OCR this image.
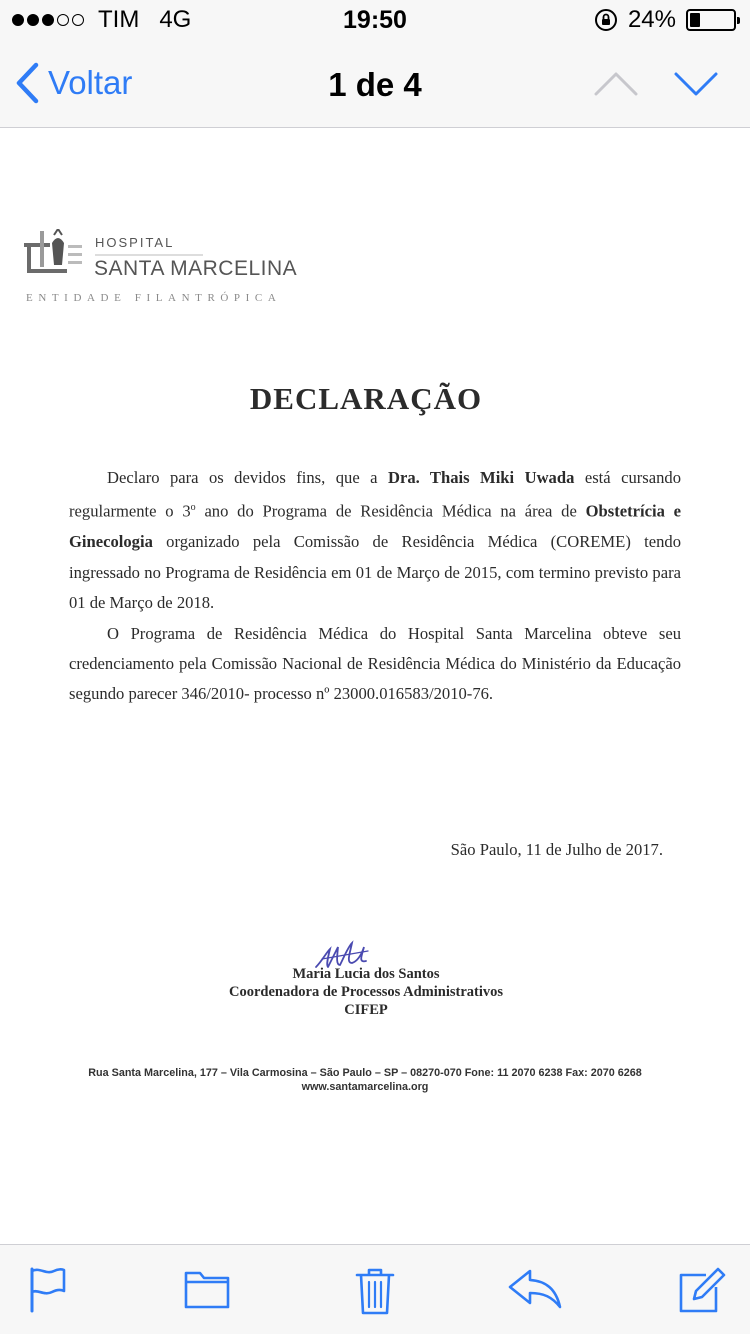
TIM 4G	19:50	24%
Voltar	1 de 4
HOSPITAL
SANTA MARCELINA
ENTIDADE FILANTRÓPICA
DECLARAÇÃO

Declaro para os devidos fins, que a Dra. Thais Miki Uwada está cursando regularmente o 3$^o$ ano do Programa de Residência Médica na área de Obstetrícia e Ginecologia organizado pela Comissão de Residência Médica (COREME) tendo ingressado no Programa de Residência em 01 de Março de 2015, com termino previsto para 01 de Março de 2018.

O Programa de Residência Médica do Hospital Santa Marcelina obteve seu credenciamento pela Comissão Nacional de Residência Médica do Ministério da Educação segundo parecer 346/2010- processo nº 23000.016583/2010-76.

São Paulo, 11 de Julho de 2017.
Maria Lucia dos Santos
Coordenadora de Processos Administrativos
CIFEP
Rua Santa Marcelina, 177 – Vila Carmosina – São Paulo – SP – 08270-070 Fone: 11 2070 6238 Fax: 2070 6268 www.santamarcelina.org
